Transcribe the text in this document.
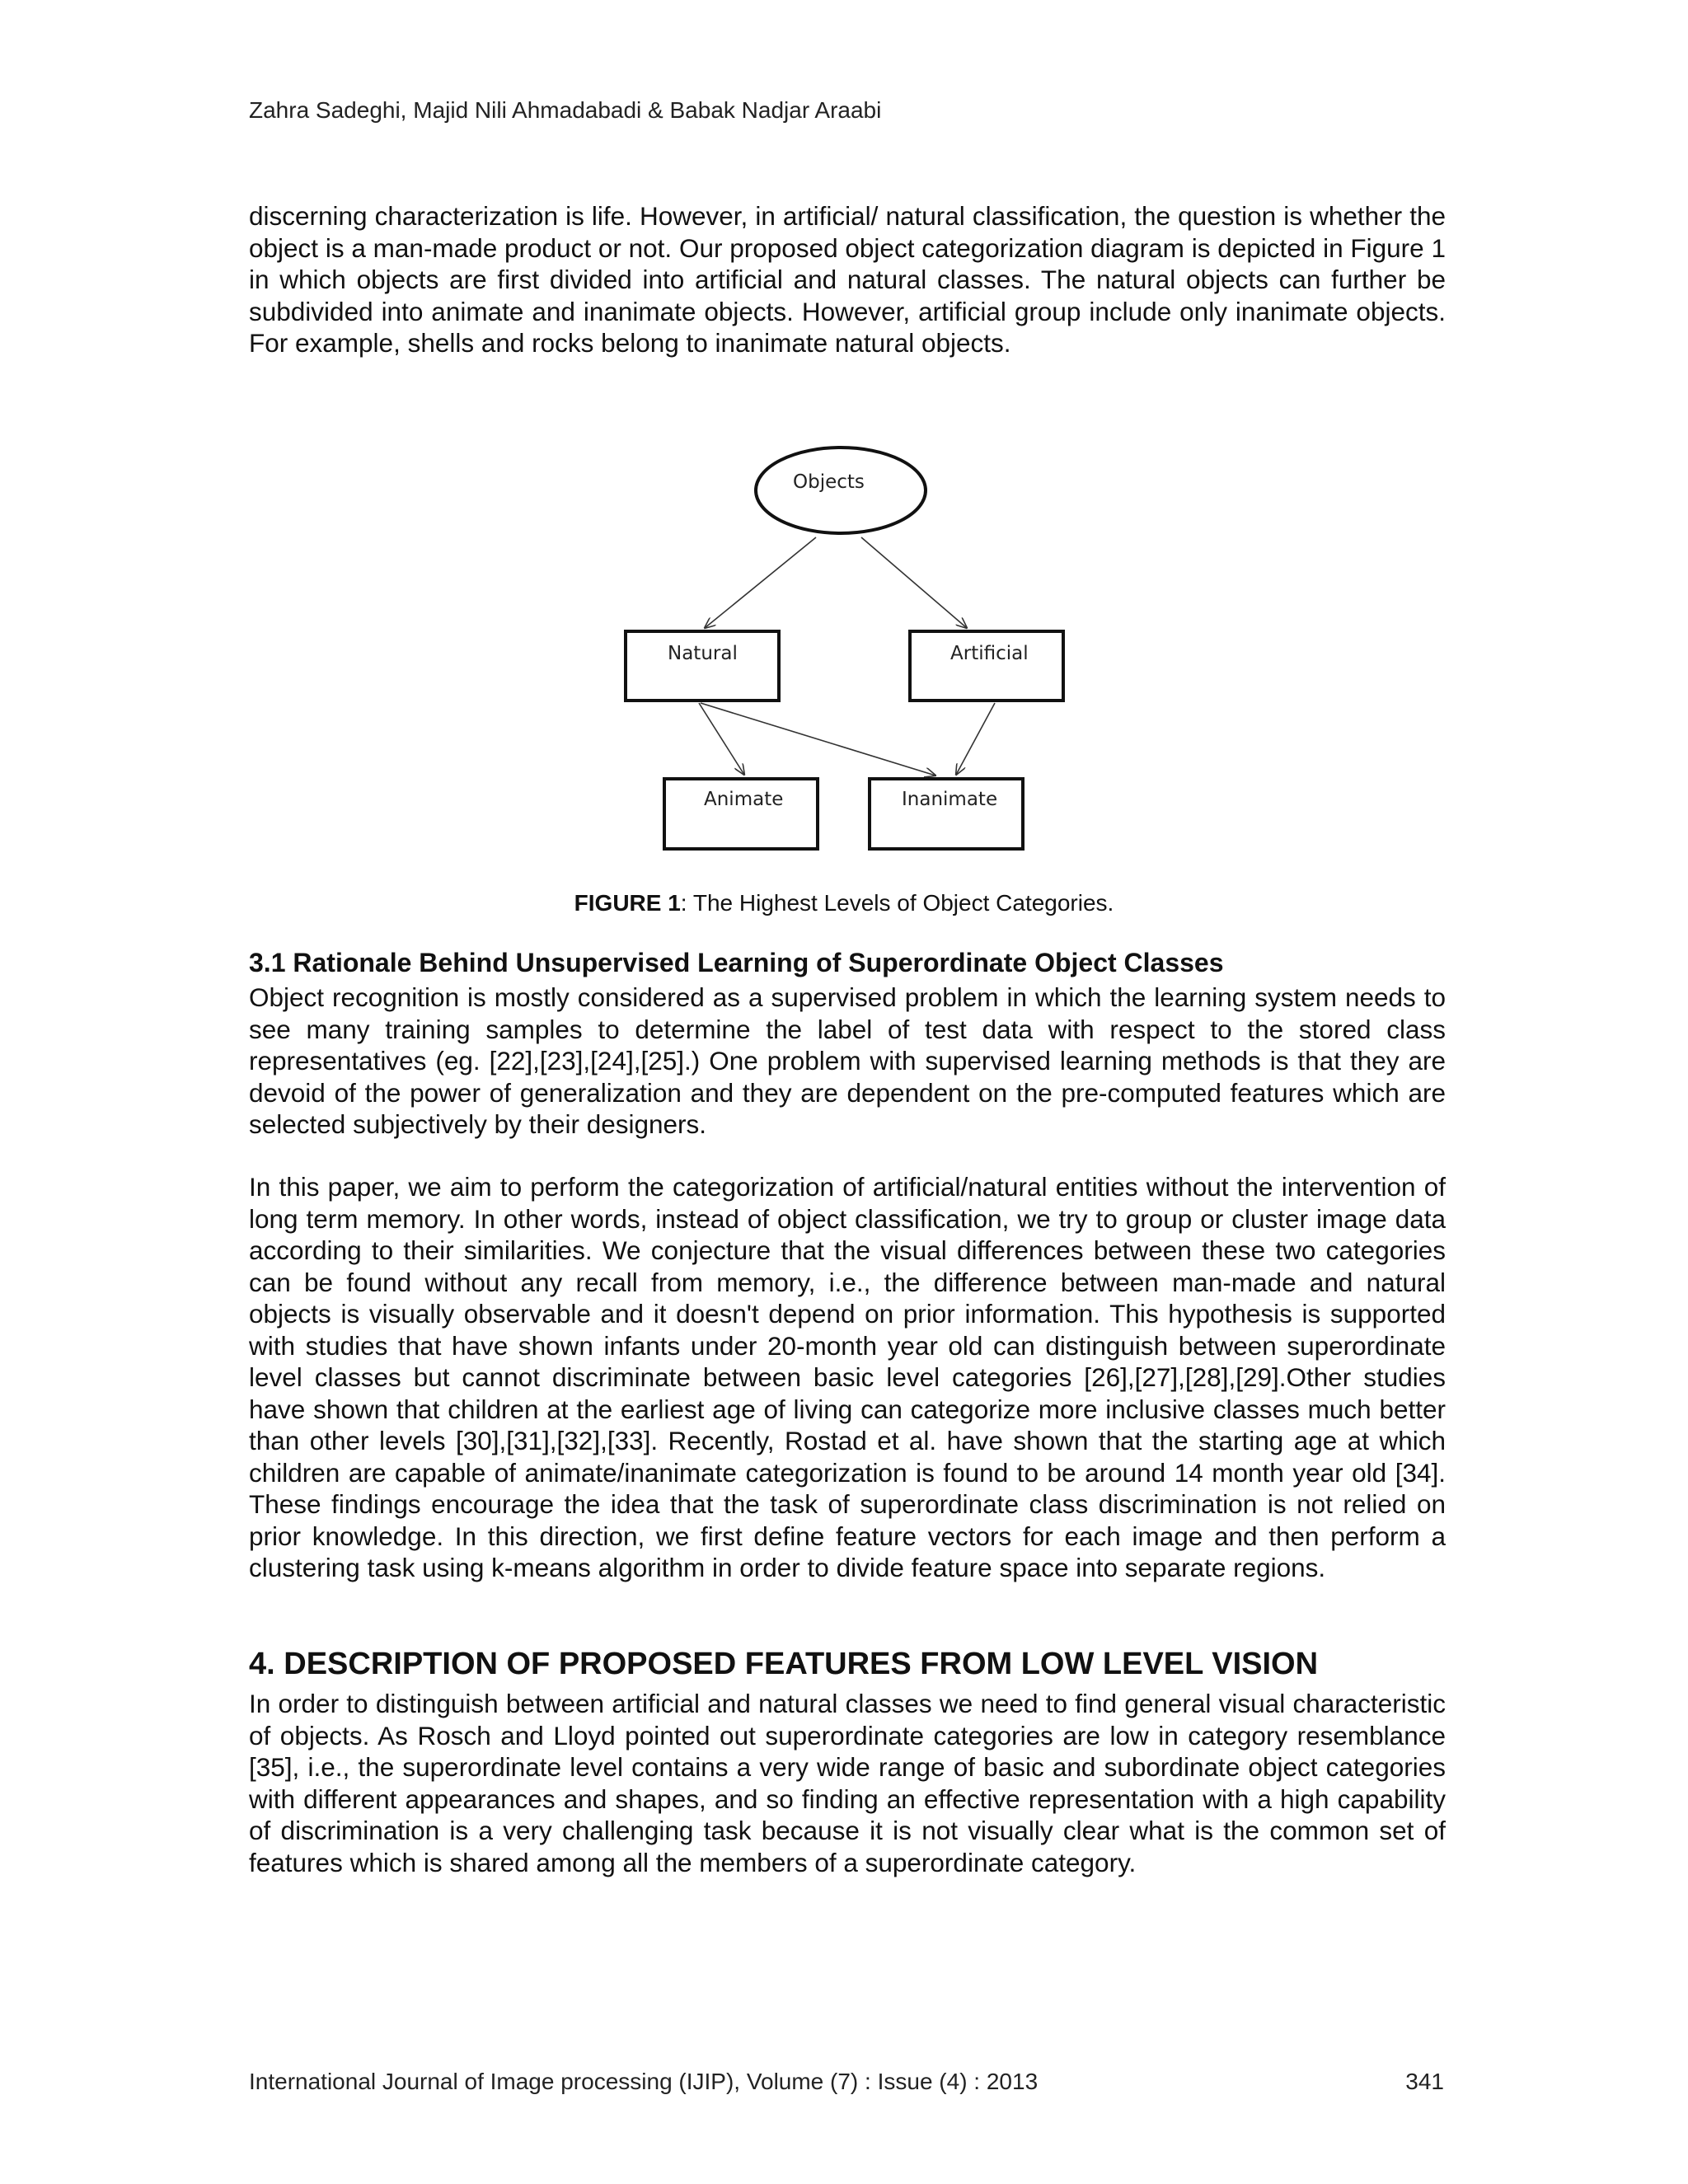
Zahra Sadeghi, Majid Nili Ahmadabadi & Babak Nadjar Araabi

discerning characterization is life. However, in artificial/ natural classification, the question is whether the object is a man-made product or not. Our proposed object categorization diagram is depicted in Figure 1 in which objects are first divided into artificial and natural classes. The natural objects can further be subdivided into animate and inanimate objects. However, artificial group include only inanimate objects. For example, shells and rocks belong to inanimate natural objects.

Objects
Natural	Artificial
Animate	Inanimate
FIGURE 1: The Highest Levels of Object Categories.
3.1 Rationale Behind Unsupervised Learning of Superordinate Object Classes

Object recognition is mostly considered as a supervised problem in which the learning system needs to see many training samples to determine the label of test data with respect to the stored class representatives (eg. [22],[23],[24],[25].) One problem with supervised learning methods is that they are devoid of the power of generalization and they are dependent on the pre-computed features which are selected subjectively by their designers.

In this paper, we aim to perform the categorization of artificial/natural entities without the intervention of long term memory. In other words, instead of object classification, we try to group or cluster image data according to their similarities. We conjecture that the visual differences between these two categories can be found without any recall from memory, i.e., the difference between man-made and natural objects is visually observable and it doesn't depend on prior information. This hypothesis is supported with studies that have shown infants under 20-month year old can distinguish between superordinate level classes but cannot discriminate between basic level categories [26],[27],[28],[29].Other studies have shown that children at the earliest age of living can categorize more inclusive classes much better than other levels [30],[31],[32],[33]. Recently, Rostad et al. have shown that the starting age at which children are capable of animate/inanimate categorization is found to be around 14 month year old [34]. These findings encourage the idea that the task of superordinate class discrimination is not relied on prior knowledge. In this direction, we first define feature vectors for each image and then perform a clustering task using k-means algorithm in order to divide feature space into separate regions.

4. DESCRIPTION OF PROPOSED FEATURES FROM LOW LEVEL VISION

In order to distinguish between artificial and natural classes we need to find general visual characteristic of objects. As Rosch and Lloyd pointed out superordinate categories are low in category resemblance [35], i.e., the superordinate level contains a very wide range of basic and subordinate object categories with different appearances and shapes, and so finding an effective representation with a high capability of discrimination is a very challenging task because it is not visually clear what is the common set of features which is shared among all the members of a superordinate category.

International Journal of Image processing (IJIP), Volume (7) : Issue (4) : 2013	341
